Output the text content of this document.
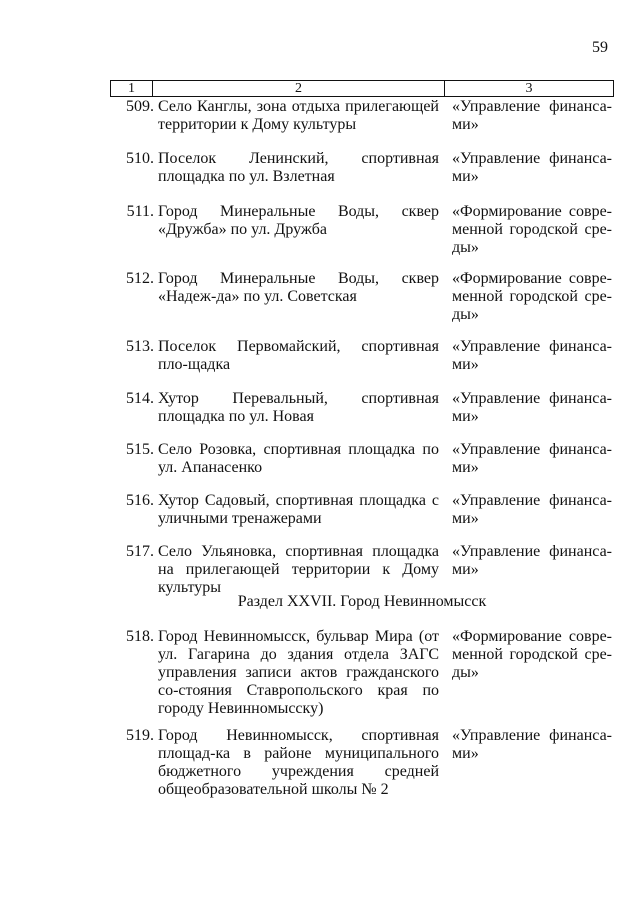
59
1	2	3
509. Село Канглы, зона отдыха прилегающей территории к Дому культуры
«Управление финанса-ми»
510. Поселок Ленинский, спортивная площадка по ул. Взлетная
«Управление финанса-ми»
511. Город Минеральные Воды, сквер «Дружба» по ул. Дружба
«Формирование совре-менной городской сре-ды»
512. Город Минеральные Воды, сквер «Надеж-да» по ул. Советская
«Формирование совре-менной городской сре-ды»
513. Поселок Первомайский, спортивная пло-щадка
«Управление финанса-ми»
514. Хутор Перевальный, спортивная площадка по ул. Новая
«Управление финанса-ми»
515. Село Розовка, спортивная площадка по ул. Апанасенко
«Управление финанса-ми»
516. Хутор Садовый, спортивная площадка с уличными тренажерами
«Управление финанса-ми»
517. Село Ульяновка, спортивная площадка на прилегающей территории к Дому культуры
«Управление финанса-ми»
Раздел XXVII. Город Невинномысск
518. Город Невинномысск, бульвар Мира (от ул. Гагарина до здания отдела ЗАГС управления записи актов гражданского со-стояния Ставропольского края по городу Невинномысску)
«Формирование совре-менной городской сре-ды»
519. Город Невинномысск, спортивная площад-ка в районе муниципального бюджетного учреждения средней общеобразовательной школы № 2
«Управление финанса-ми»
